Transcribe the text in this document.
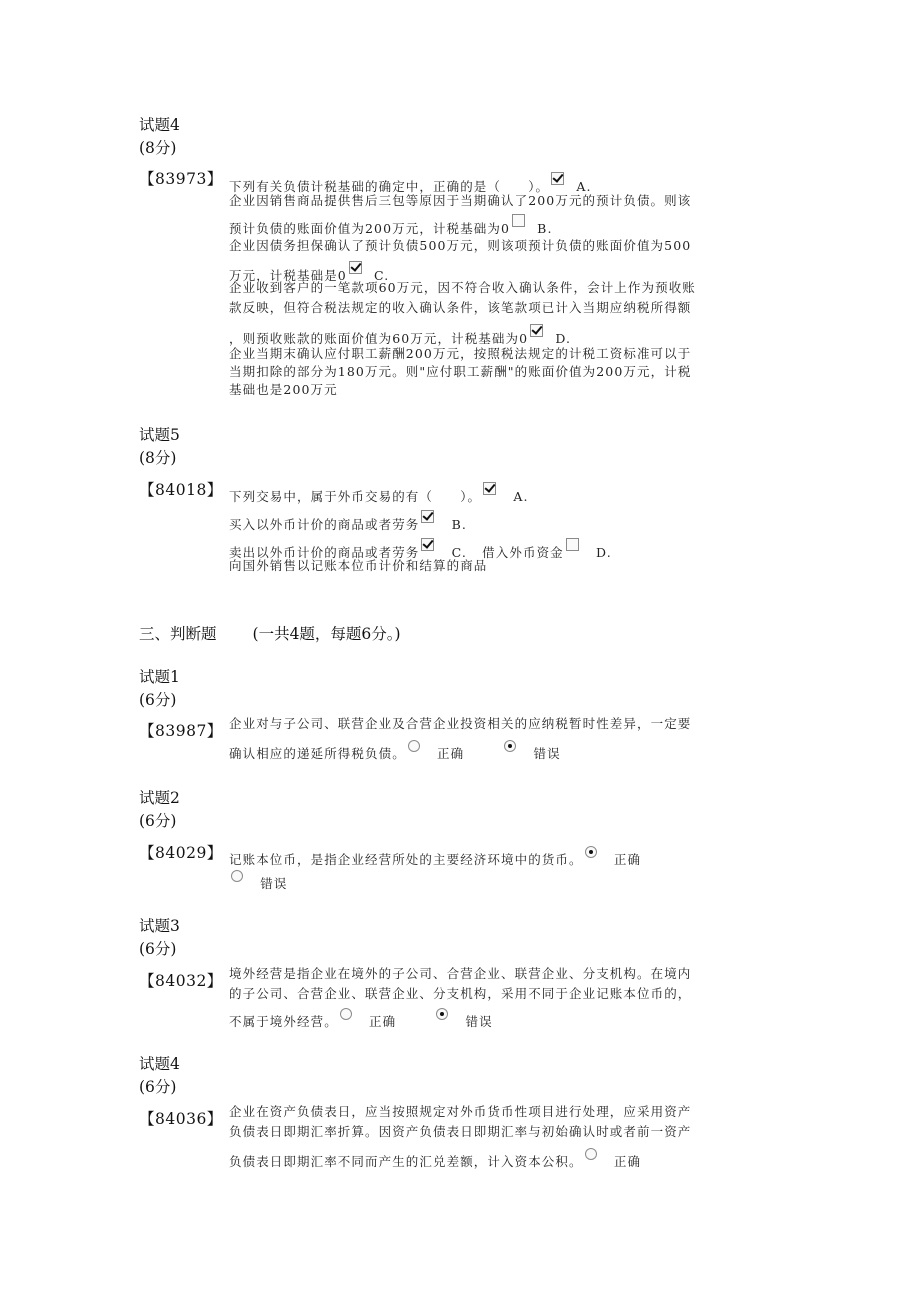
试题4
(8分)
【83973】 下列有关负债计税基础的确定中，正确的是（　　）。 A.
企业因销售商品提供售后三包等原因于当期确认了200万元的预计负债。则该
预计负债的账面价值为200万元，计税基础为0 B.
企业因债务担保确认了预计负债500万元，则该项预计负债的账面价值为500
万元，计税基础是0 C.
企业收到客户的一笔款项60万元，因不符合收入确认条件，会计上作为预收账
款反映，但符合税法规定的收入确认条件，该笔款项已计入当期应纳税所得额
，则预收账款的账面价值为60万元，计税基础为0 D.
企业当期末确认应付职工薪酬200万元，按照税法规定的计税工资标准可以于
当期扣除的部分为180万元。则"应付职工薪酬"的账面价值为200万元，计税
基础也是200万元
试题5
(8分)
【84018】 下列交易中，属于外币交易的有（　　）。	A.
买入以外币计价的商品或者劳务	B.
卖出以外币计价的商品或者劳务	C. 借入外币资金	D.
向国外销售以记账本位币计价和结算的商品
三、判断题 (一共4题，每题6分。)
试题1
(6分)
【83987】 企业对与子公司、联营企业及合营企业投资相关的应纳税暂时性差异，一定要
确认相应的递延所得税负债。 正确	错误
试题2
(6分)
【84029】 记账本位币，是指企业经营所处的主要经济环境中的货币。 正确
错误
试题3
(6分)
【84032】 境外经营是指企业在境外的子公司、合营企业、联营企业、分支机构。在境内
的子公司、合营企业、联营企业、分支机构，采用不同于企业记账本位币的，
不属于境外经营。 正确	错误
试题4
(6分)
【84036】 企业在资产负债表日，应当按照规定对外币货币性项目进行处理，应采用资产
负债表日即期汇率折算。因资产负债表日即期汇率与初始确认时或者前一资产
负债表日即期汇率不同而产生的汇兑差额，计入资本公积。 正确
